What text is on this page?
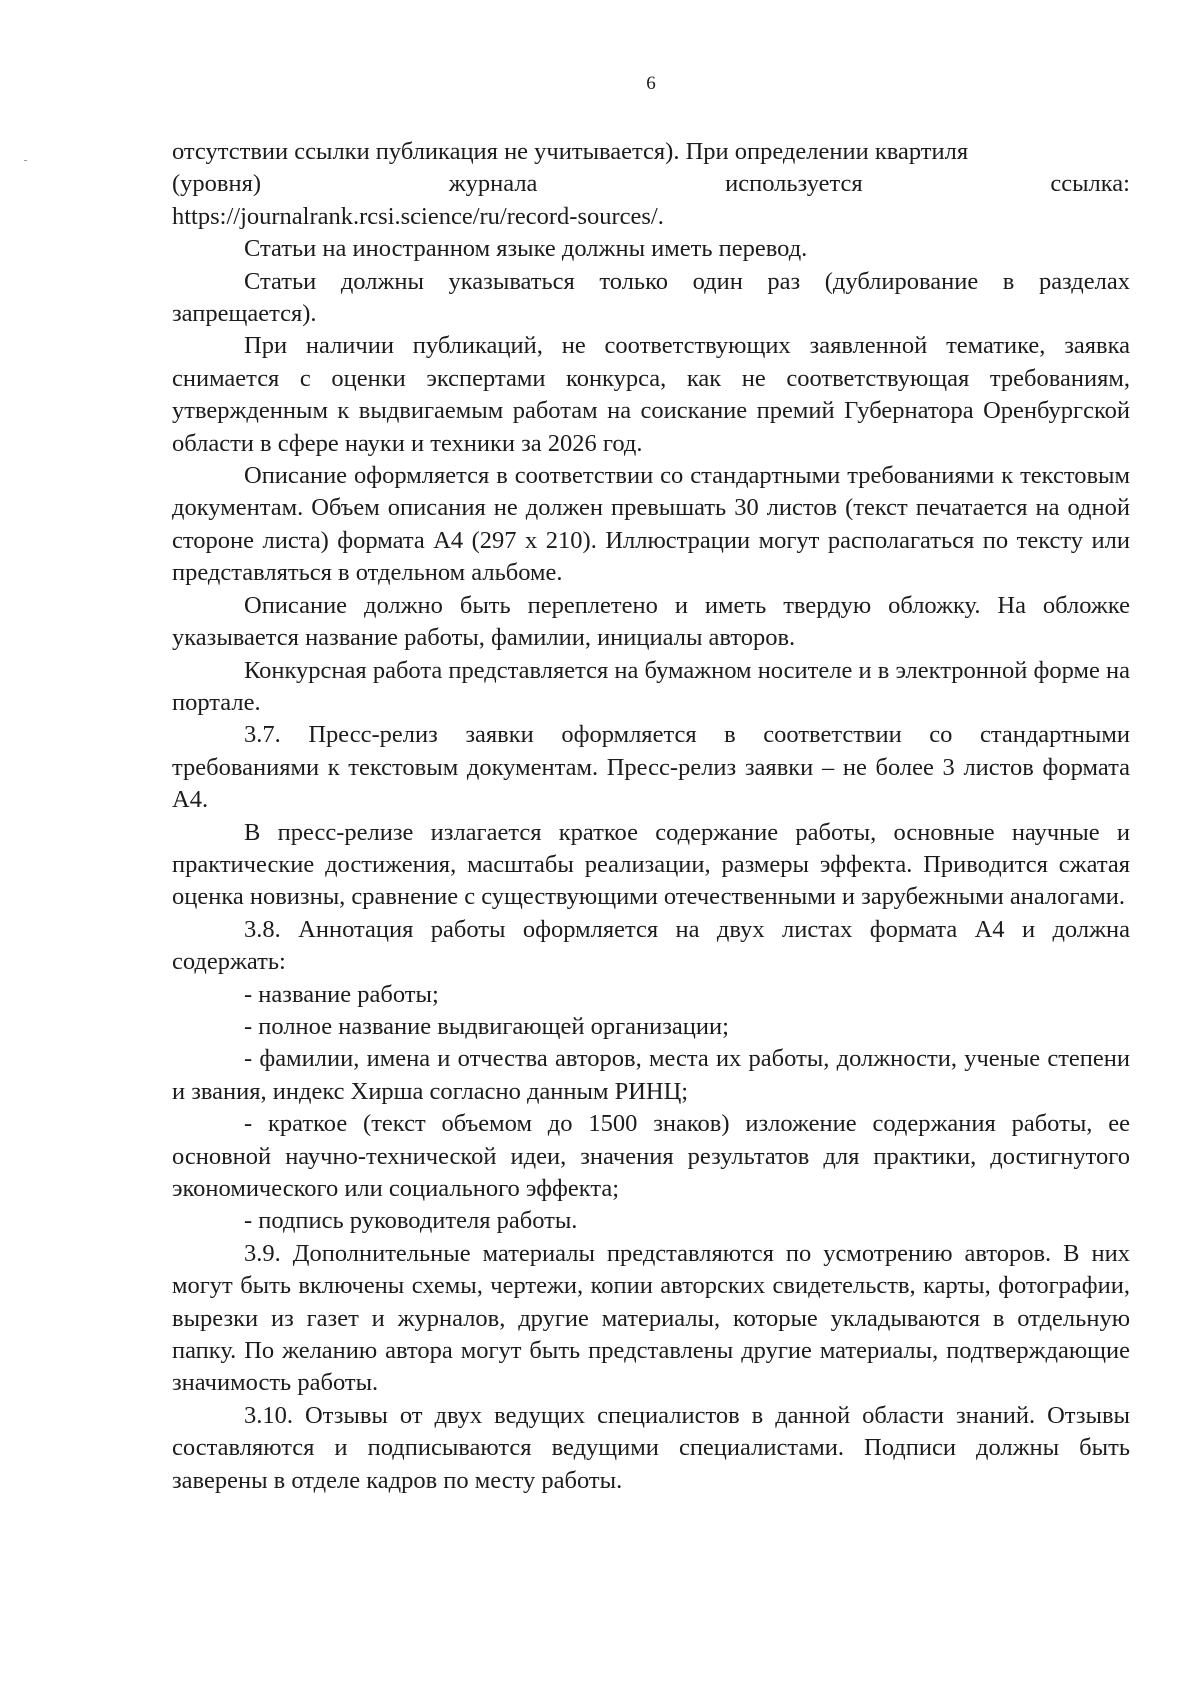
6

отсутствии ссылки публикация не учитывается). При определении квартиля

(уровня)	журнала	используется	ссылка:

https://journalrank.rcsi.science/ru/record-sources/.

Статьи на иностранном языке должны иметь перевод.

Статьи должны указываться только один раз (дублирование в разделах запрещается).

При наличии публикаций, не соответствующих заявленной тематике, заявка снимается с оценки экспертами конкурса, как не соответствующая требованиям, утвержденным к выдвигаемым работам на соискание премий Губернатора Оренбургской области в сфере науки и техники за 2026 год.

Описание оформляется в соответствии со стандартными требованиями к текстовым документам. Объем описания не должен превышать 30 листов (текст печатается на одной стороне листа) формата А4 (297 х 210). Иллюстрации могут располагаться по тексту или представляться в отдельном альбоме.

Описание должно быть переплетено и иметь твердую обложку. На обложке указывается название работы, фамилии, инициалы авторов.

Конкурсная работа представляется на бумажном носителе и в электронной форме на портале.

3.7. Пресс-релиз заявки оформляется в соответствии со стандартными требованиями к текстовым документам. Пресс-релиз заявки – не более 3 листов формата А4.

В пресс-релизе излагается краткое содержание работы, основные научные и практические достижения, масштабы реализации, размеры эффекта. Приводится сжатая оценка новизны, сравнение с существующими отечественными и зарубежными аналогами.

3.8. Аннотация работы оформляется на двух листах формата А4 и должна содержать:

- название работы;

- полное название выдвигающей организации;

- фамилии, имена и отчества авторов, места их работы, должности, ученые степени и звания, индекс Хирша согласно данным РИНЦ;

- краткое (текст объемом до 1500 знаков) изложение содержания работы, ее основной научно-технической идеи, значения результатов для практики, достигнутого экономического или социального эффекта;

- подпись руководителя работы.

3.9. Дополнительные материалы представляются по усмотрению авторов. В них могут быть включены схемы, чертежи, копии авторских свидетельств, карты, фотографии, вырезки из газет и журналов, другие материалы, которые укладываются в отдельную папку. По желанию автора могут быть представлены другие материалы, подтверждающие значимость работы.

3.10. Отзывы от двух ведущих специалистов в данной области знаний. Отзывы составляются и подписываются ведущими специалистами. Подписи должны быть заверены в отделе кадров по месту работы.
